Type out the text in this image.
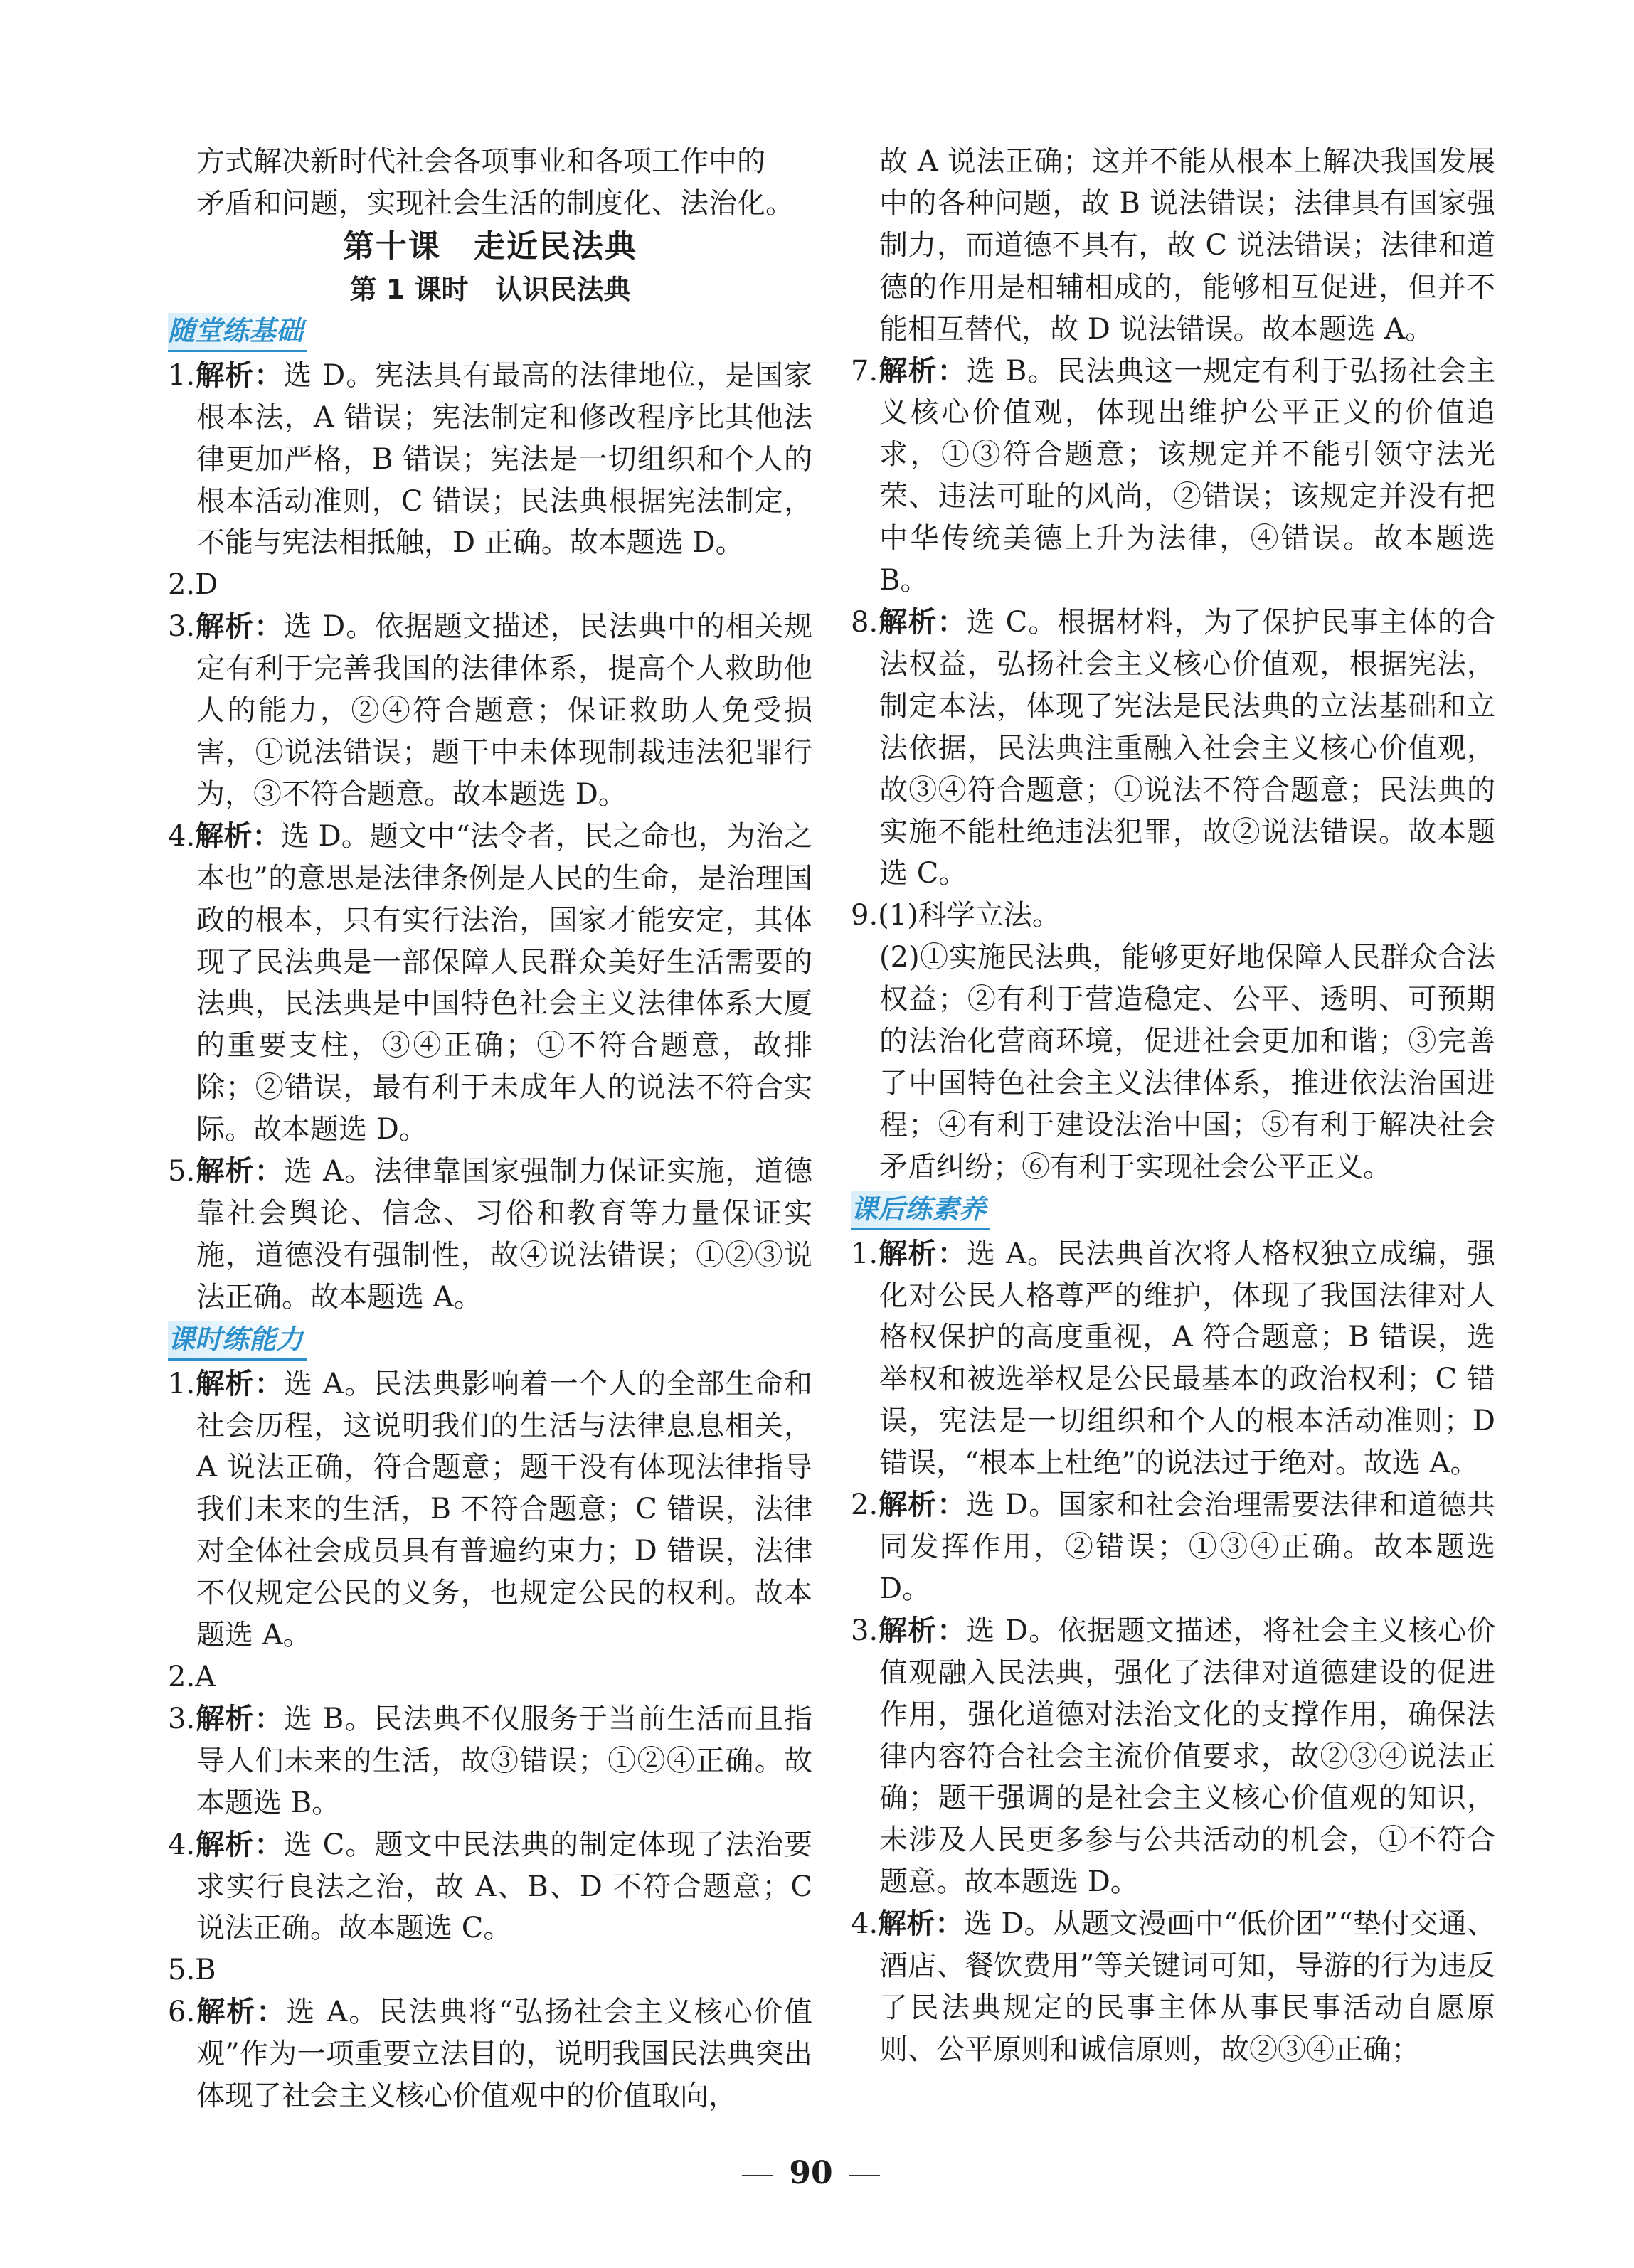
方式解决新时代社会各项事业和各项工作中的

矛盾和问题，实现社会生活的制度化、法治化。

第十课　走近民法典
第 1 课时　认识民法典
随堂练基础

1.解析：选 D。宪法具有最高的法律地位，是国家根本法，A 错误；宪法制定和修改程序比其他法律更加严格，B 错误；宪法是一切组织和个人的根本活动准则，C 错误；民法典根据宪法制定，不能与宪法相抵触，D 正确。故本题选 D。

2.D

3.解析：选 D。依据题文描述，民法典中的相关规定有利于完善我国的法律体系，提高个人救助他人的能力，②④符合题意；保证救助人免受损害，①说法错误；题干中未体现制裁违法犯罪行为，③不符合题意。故本题选 D。

4.解析：选 D。题文中“法令者，民之命也，为治之本也”的意思是法律条例是人民的生命，是治理国政的根本，只有实行法治，国家才能安定，其体现了民法典是一部保障人民群众美好生活需要的法典，民法典是中国特色社会主义法律体系大厦的重要支柱，③④正确；①不符合题意，故排除；②错误，最有利于未成年人的说法不符合实际。故本题选 D。

5.解析：选 A。法律靠国家强制力保证实施，道德靠社会舆论、信念、习俗和教育等力量保证实施，道德没有强制性，故④说法错误；①②③说法正确。故本题选 A。

课时练能力

1.解析：选 A。民法典影响着一个人的全部生命和社会历程，这说明我们的生活与法律息息相关，A 说法正确，符合题意；题干没有体现法律指导我们未来的生活，B 不符合题意；C 错误，法律对全体社会成员具有普遍约束力；D 错误，法律不仅规定公民的义务，也规定公民的权利。故本题选 A。

2.A

3.解析：选 B。民法典不仅服务于当前生活而且指导人们未来的生活，故③错误；①②④正确。故本题选 B。

4.解析：选 C。题文中民法典的制定体现了法治要求实行良法之治，故 A、B、D 不符合题意；C 说法正确。故本题选 C。

5.B

6.解析：选 A。民法典将“弘扬社会主义核心价值观”作为一项重要立法目的，说明我国民法典突出体现了社会主义核心价值观中的价值取向，

故 A 说法正确；这并不能从根本上解决我国发展中的各种问题，故 B 说法错误；法律具有国家强制力，而道德不具有，故 C 说法错误；法律和道德的作用是相辅相成的，能够相互促进，但并不能相互替代，故 D 说法错误。故本题选 A。

7.解析：选 B。民法典这一规定有利于弘扬社会主义核心价值观，体现出维护公平正义的价值追求，①③符合题意；该规定并不能引领守法光荣、违法可耻的风尚，②错误；该规定并没有把中华传统美德上升为法律，④错误。故本题选 B。

8.解析：选 C。根据材料，为了保护民事主体的合法权益，弘扬社会主义核心价值观，根据宪法，制定本法，体现了宪法是民法典的立法基础和立法依据，民法典注重融入社会主义核心价值观，故③④符合题意；①说法不符合题意；民法典的实施不能杜绝违法犯罪，故②说法错误。故本题选 C。

9.(1)科学立法。

(2)①实施民法典，能够更好地保障人民群众合法权益；②有利于营造稳定、公平、透明、可预期的法治化营商环境，促进社会更加和谐；③完善了中国特色社会主义法律体系，推进依法治国进程；④有利于建设法治中国；⑤有利于解决社会矛盾纠纷；⑥有利于实现社会公平正义。

课后练素养

1.解析：选 A。民法典首次将人格权独立成编，强化对公民人格尊严的维护，体现了我国法律对人格权保护的高度重视，A 符合题意；B 错误，选举权和被选举权是公民最基本的政治权利；C 错误，宪法是一切组织和个人的根本活动准则；D 错误，“根本上杜绝”的说法过于绝对。故选 A。

2.解析：选 D。国家和社会治理需要法律和道德共同发挥作用，②错误；①③④正确。故本题选 D。

3.解析：选 D。依据题文描述，将社会主义核心价值观融入民法典，强化了法律对道德建设的促进作用，强化道德对法治文化的支撑作用，确保法律内容符合社会主流价值要求，故②③④说法正确；题干强调的是社会主义核心价值观的知识，未涉及人民更多参与公共活动的机会，①不符合题意。故本题选 D。

4.解析：选 D。从题文漫画中“低价团”“垫付交通、酒店、餐饮费用”等关键词可知，导游的行为违反了民法典规定的民事主体从事民事活动自愿原则、公平原则和诚信原则，故②③④正确；

90
